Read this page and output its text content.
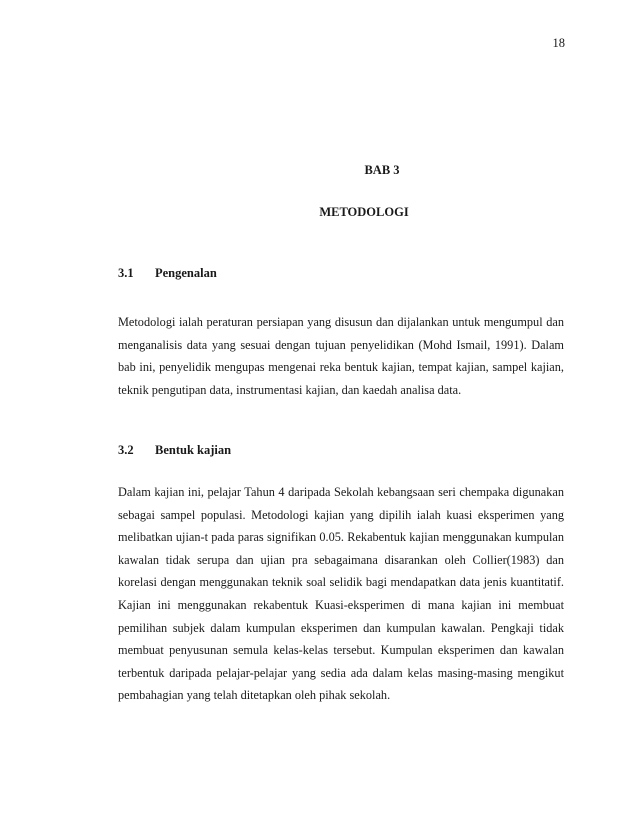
18
BAB 3
METODOLOGI
3.1 Pengenalan

Metodologi ialah peraturan persiapan yang disusun dan dijalankan untuk mengumpul dan menganalisis data yang sesuai dengan tujuan penyelidikan (Mohd Ismail, 1991). Dalam bab ini, penyelidik mengupas mengenai reka bentuk kajian, tempat kajian, sampel kajian, teknik pengutipan data, instrumentasi kajian, dan kaedah analisa data.

3.2 Bentuk kajian

Dalam kajian ini, pelajar Tahun 4 daripada Sekolah kebangsaan seri chempaka digunakan sebagai sampel populasi. Metodologi kajian yang dipilih ialah kuasi eksperimen yang melibatkan ujian-t pada paras signifikan 0.05. Rekabentuk kajian menggunakan kumpulan kawalan tidak serupa dan ujian pra sebagaimana disarankan oleh Collier(1983) dan korelasi dengan menggunakan teknik soal selidik bagi mendapatkan data jenis kuantitatif. Kajian ini menggunakan rekabentuk Kuasi-eksperimen di mana kajian ini membuat pemilihan subjek dalam kumpulan eksperimen dan kumpulan kawalan. Pengkaji tidak membuat penyusunan semula kelas-kelas tersebut. Kumpulan eksperimen dan kawalan terbentuk daripada pelajar-pelajar yang sedia ada dalam kelas masing-masing mengikut pembahagian yang telah ditetapkan oleh pihak sekolah.
